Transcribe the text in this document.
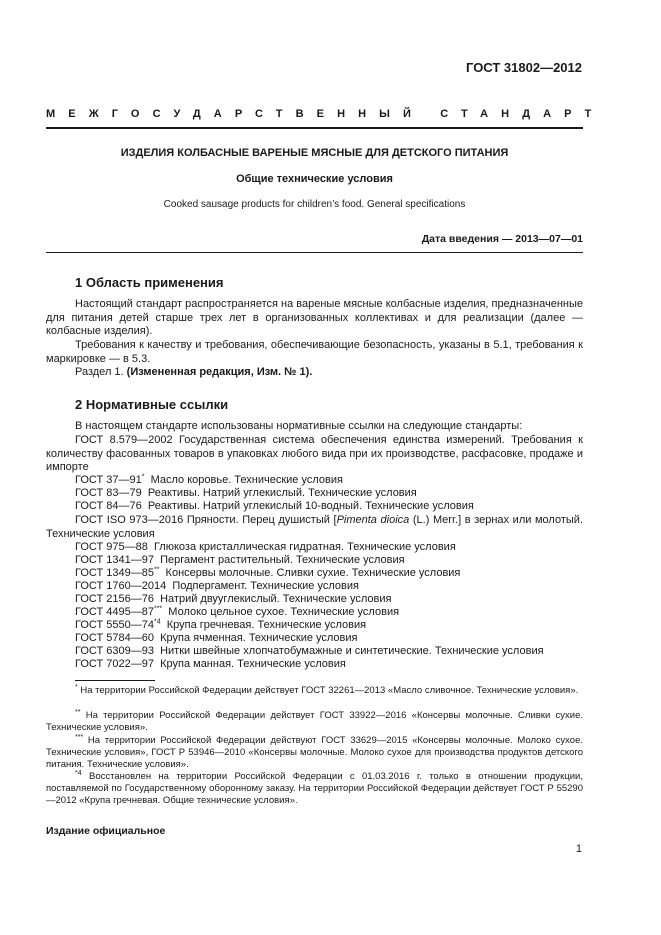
ГОСТ 31802—2012
МЕЖГОСУДАРСТВЕННЫЙ СТАНДАРТ
ИЗДЕЛИЯ КОЛБАСНЫЕ ВАРЕНЫЕ МЯСНЫЕ ДЛЯ ДЕТСКОГО ПИТАНИЯ
Общие технические условия
Cooked sausage products for children’s food. General specifications
Дата введения — 2013—07—01
1 Область применения
Настоящий стандарт распространяется на вареные мясные колбасные изделия, предназначенные для питания детей старше трех лет в организованных коллективах и для реализации (далее — колбасные изделия).
Требования к качеству и требования, обеспечивающие безопасность, указаны в 5.1, требования к маркировке — в 5.3.
Раздел 1. (Измененная редакция, Изм. № 1).
2 Нормативные ссылки
В настоящем стандарте использованы нормативные ссылки на следующие стандарты:
ГОСТ 8.579—2002 Государственная система обеспечения единства измерений. Требования к количеству фасованных товаров в упаковках любого вида при их производстве, расфасовке, продаже и импорте
ГОСТ 37—91* Масло коровье. Технические условия
ГОСТ 83—79 Реактивы. Натрий углекислый. Технические условия
ГОСТ 84—76 Реактивы. Натрий углекислый 10-водный. Технические условия
ГОСТ ISO 973—2016 Пряности. Перец душистый [Pimenta dioica (L.) Merr.] в зернах или молотый. Технические условия
ГОСТ 975—88 Глюкоза кристаллическая гидратная. Технические условия
ГОСТ 1341—97 Пергамент растительный. Технические условия
ГОСТ 1349—85** Консервы молочные. Сливки сухие. Технические условия
ГОСТ 1760—2014 Подпергамент. Технические условия
ГОСТ 2156—76 Натрий двууглекислый. Технические условия
ГОСТ 4495—87*** Молоко цельное сухое. Технические условия
ГОСТ 5550—74$^{*4}$ Крупа гречневая. Технические условия
ГОСТ 5784—60 Крупа ячменная. Технические условия
ГОСТ 6309—93 Нитки швейные хлопчатобумажные и синтетические. Технические условия
ГОСТ 7022—97 Крупа манная. Технические условия
* На территории Российской Федерации действует ГОСТ 32261—2013 «Масло сливочное. Технические условия».
** На территории Российской Федерации действует ГОСТ 33922—2016 «Консервы молочные. Сливки сухие. Технические условия».
*** На территории Российской Федерации действуют ГОСТ 33629—2015 «Консервы молочные. Молоко сухое. Технические условия», ГОСТ Р 53946—2010 «Консервы молочные. Молоко сухое для производства продуктов детского питания. Технические условия».
$^{*4}$ Восстановлен на территории Российской Федерации с 01.03.2016 г. только в отношении продукции, поставляемой по Государственному оборонному заказу. На территории Российской Федерации действует ГОСТ Р 55290—2012 «Крупа гречневая. Общие технические условия».
Издание официальное
1
